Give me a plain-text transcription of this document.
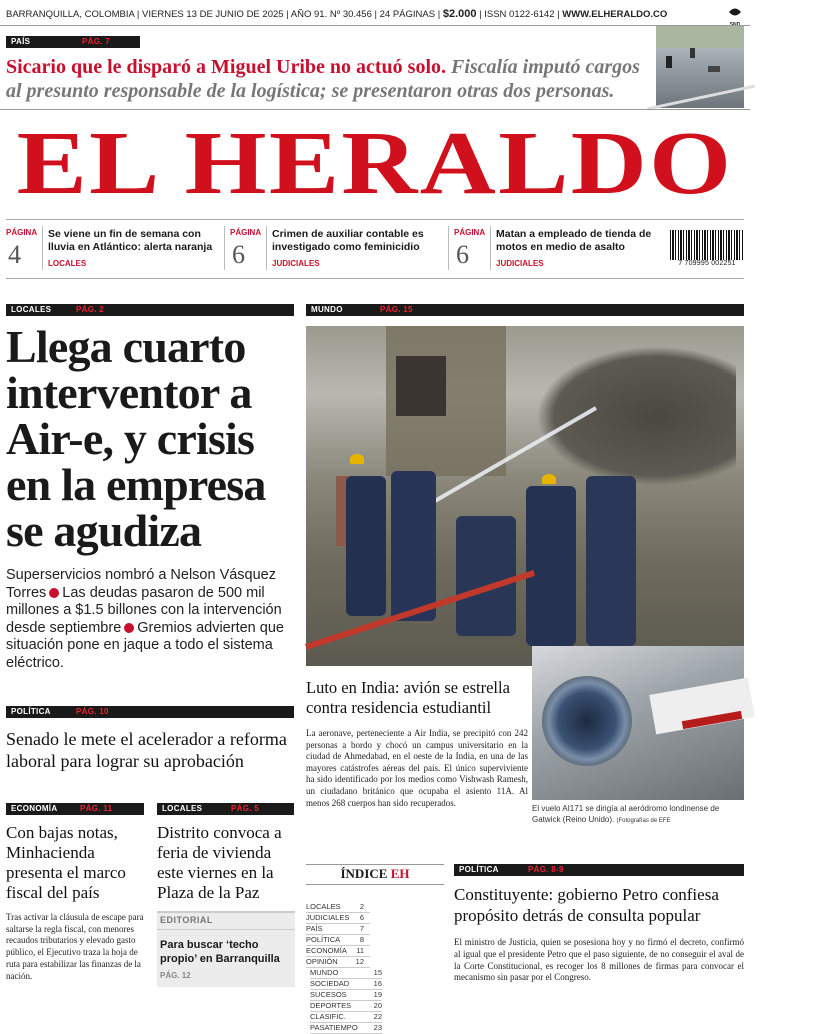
BARRANQUILLA, COLOMBIA | VIERNES 13 DE JUNIO DE 2025 | AÑO 91. Nº 30.456 | 24 PÁGINAS | $2.000 | ISSN 0122-6142 | WWW.ELHERALDO.CO
PAÍS	PÁG. 7
Sicario que le disparó a Miguel Uribe no actuó solo. Fiscalía imputó cargos al presunto responsable de la logística; se presentaron otras dos personas.
EL HERALDO
PÁGINA
4
Se viene un fin de semana con lluvia en Atlántico: alerta naranja
LOCALES
PÁGINA
6
Crimen de auxiliar contable es investigado como feminicidio
JUDICIALES
PÁGINA
6
Matan a empleado de tienda de motos en medio de asalto
JUDICIALES	7 709995 002251
LOCALES	PÁG. 2
Llega cuarto interventor a Air-e, y crisis en la empresa se agudiza
Superservicios nombró a Nelson Vásquez Torres Las deudas pasaron de 500 mil millones a $1.5 billones con la intervención desde septiembre Gremios advierten que situación pone en jaque a todo el sistema eléctrico.
MUNDO	PÁG. 15
Luto en India: avión se estrella contra residencia estudiantil
La aeronave, perteneciente a Air India, se precipitó con 242 personas a bordo y chocó un campus universitario en la ciudad de Ahmedabad, en el oeste de la India, en una de las mayores catástrofes aéreas del país. El único superviviente ha sido identificado por los medios como Vishwash Ramesh, un ciudadano británico que ocupaba el asiento 11A. Al menos 268 cuerpos han sido recuperados.
El vuelo AI171 se dirigía al aeródromo londinense de Gatwick (Reino Unido). (Fotografías de EFE
POLÍTICA	PÁG. 10
Senado le mete el acelerador a reforma laboral para lograr su aprobación
ECONOMÍA	PÁG. 11
Con bajas notas, Minhacienda presenta el marco fiscal del país
Tras activar la cláusula de escape para saltarse la regla fiscal, con menores recaudos tributarios y elevado gasto público, el Ejecutivo traza la hoja de ruta para estabilizar las finanzas de la nación.
LOCALES	PÁG. 5
Distrito convoca a feria de vivienda este viernes en la Plaza de la Paz
EDITORIAL
Para buscar ‘techo propio’ en Barranquilla
PÁG. 12
ÍNDICE EH
LOCALES	2
JUDICIALES	6
PAÍS	7
POLÍTICA	8
ECONOMÍA	11
OPINIÓN	12
MUNDO	15
SOCIEDAD	16
SUCESOS	19
DEPORTES	20
CLASIFIC.	22
PASATIEMPO	23
POLÍTICA	PÁG. 8-9
Constituyente: gobierno Petro confiesa propósito detrás de consulta popular
El ministro de Justicia, quien se posesiona hoy y no firmó el decreto, confirmó al igual que el presidente Petro que el paso siguiente, de no conseguir el aval de la Corte Constitucional, es recoger los 8 millones de firmas para convocar el mecanismo sin pasar por el Congreso.
